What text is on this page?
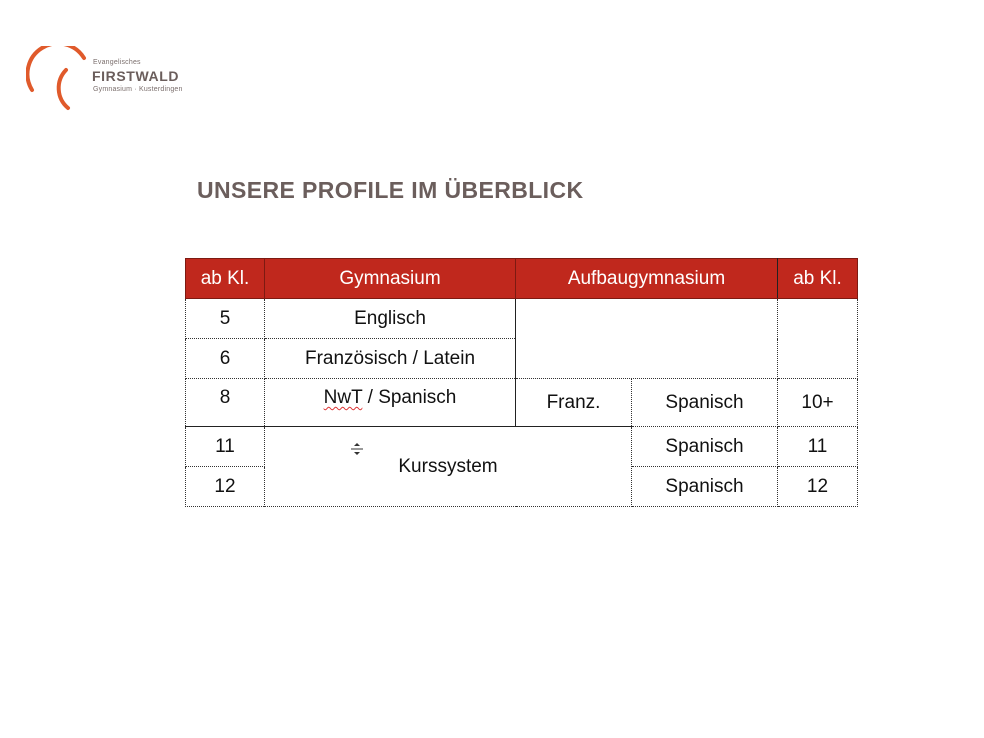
Evangelisches
FIRSTWALD
Gymnasium · Kusterdingen
UNSERE PROFILE IM ÜBERBLICK
ab Kl.	Gymnasium	Aufbaugymnasium		ab Kl.
5	Englisch			
6	Französisch / Latein			
8	NwT / Spanisch			
		Franz.	Spanisch	10+
11	Kurssystem		Spanisch	11
12			Spanisch	12
